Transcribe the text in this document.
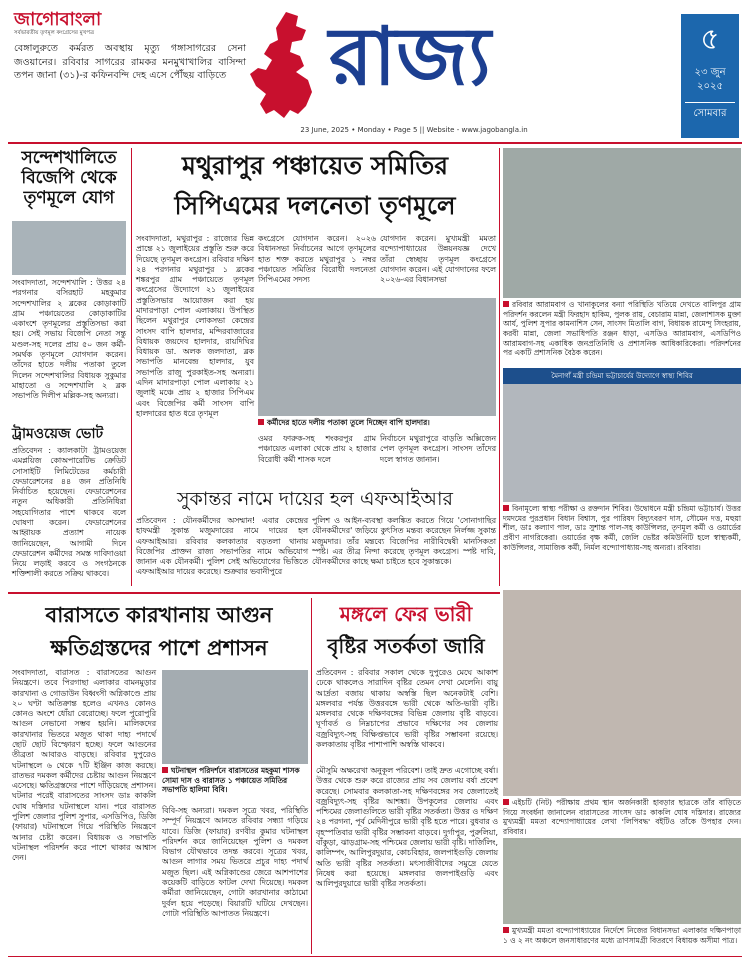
জাগোবাংলা
সর্বভারতীয় তৃণমূল কংগ্রেসের মুখপত্র
বেঙ্গালুরুতে কর্মরত অবস্থায় মৃত্যু গঙ্গাসাগরের সেনা জওয়ানের। রবিবার সাগরের রামকর মনমুখাখালির বাসিন্দা তপন জানা (৩১)-র কফিনবন্দি দেহ এসে পৌঁছয় বাড়িতে	রাজ্য
23 June, 2025 • Monday • Page 5 || Website - www.jagobangla.in
৫
২৩ জুন
২০২৫
সোমবার
সন্দেশখালিতে বিজেপি থেকে তৃণমূলে যোগ
সংবাদদাতা, সন্দেশখালি : উত্তর ২৪ পরগনার বসিরহাট মহকুমার সন্দেশখালির ২ ব্লকের কোড়াকাটি গ্রাম পঞ্চায়েতের কোড়াকাটির একাংশে তৃণমূলের প্রস্তুতিসভা করা হয়। সেই সভায় বিজেপি নেতা সন্তু মণ্ডল-সহ দলের প্রায় ৫০ জন কর্মী-সমর্থক তৃণমূলে যোগদান করেন। তাঁদের হাতে দলীয় পতাকা তুলে দিলেন সন্দেশখালির বিধায়ক সুকুমার মাহাতো ও সন্দেশখালি ২ ব্লক সভাপতি দিলীপ মল্লিক-সহ অন্যরা।
ট্রামওয়েজ ভোট
প্রতিবেদন : ক্যালকাটা ট্রামওয়েজ এমপ্লয়িজ কোঅপারেটিভ ক্রেডিট সোসাইটি লিমিটেডের কর্মচারী ফেডারেশনের ৪৪ জন প্রতিনিধি নির্বাচিত হয়েছেন। ফেডারেশনের নতুন অধিকারী প্রতিনিধিরা সহযোগিতার পাশে থাকবে বলে ঘোষণা করেন। ফেডারেশনের আহ্বায়ক প্রত্যাশ নায়েক জানিয়েছেন, আগামী দিনে ফেডারেশন কর্মীদের সমস্ত দাবিদাওয়া নিয়ে লড়াই করবে ও সংগঠনকে শক্তিশালী করতে সক্রিয় থাকবে।
মথুরাপুর পঞ্চায়েত সমিতির
সিপিএমের দলনেতা তৃণমূলে
সংবাদদাতা, মথুরাপুর : রাজ্যের ভিন্ন প্রান্তে ২১ জুলাইয়ের প্রস্তুতি শুরু করে দিয়েছে তৃণমূল কংগ্রেস। রবিবার দক্ষিণ ২৪ পরগনার মথুরাপুর ১ ব্লকের শঙ্করপুর গ্রাম পঞ্চায়েতে তৃণমূল কংগ্রেসের উদ্যোগে ২১ জুলাইয়ের প্রস্তুতিসভার আয়োজন করা হয় মাদারপাড়া পোল এলাকায়। উপস্থিত ছিলেন মথুরাপুর লোকসভা কেন্দ্রের সাংসদ বাপি হালদার, মন্দিরবাজারের বিধায়ক জয়দেব হালদার, রায়দিঘির বিধায়ক ডা. অলক জলদাতা, ব্লক সভাপতি মানবেন্দ্র হালদার, যুব সভাপতি রাজু পুরকাইত-সহ অন্যরা। এদিন মাদারপাড়া পোল এলাকায় ২১ জুলাই মঞ্চে প্রায় ২ হাজার সিপিএম এবং বিজেপির কর্মী সাংসদ বাপি হালদারের হাত ধরে তৃণমূল
কংগ্রেসে যোগদান করেন। ২০২৬ বিধানসভা নির্বাচনের আগে তৃণমূলের হাত শক্ত করতে মথুরাপুর ১ নম্বর পঞ্চায়েত সমিতির বিরোধী দলনেতা সিপিএমের সদস্য
যোগদান করেন। মুখ্যমন্ত্রী মমতা বন্দ্যোপাধ্যায়ের উন্নয়নযজ্ঞ দেখে তাঁরা স্বেচ্ছায় তৃণমূল কংগ্রেসে যোগদান করেন। এই যোগদানের ফলে ২০২৬-এর বিধানসভা
কর্মীদের হাতে দলীয় পতাকা তুলে দিচ্ছেন বাপি হালদার।
ওমর ফারুক-সহ শংকরপুর গ্রাম পঞ্চায়েত এলাকা থেকে প্রায় ২ হাজার বিরোধী কর্মী শাসক দলে
নির্বাচনে মথুরাপুরে বাড়তি অক্সিজেন পেল তৃণমূল কংগ্রেস। সাংসদ তাঁদের দলে স্বাগত জানান।
সুকান্তর নামে দায়ের হল এফআইআর
প্রতিবেদন : যৌনকর্মীদের অসম্মান! এবার কেন্দ্রের হাফমন্ত্রী সুকান্ত মজুমদারের নামে দায়ের হল এফআইআর। রবিবার কলকাতার বড়তলা থানায় বিজেপির প্রাক্তন রাজ্য সভাপতির নামে অভিযোগ জানান এক যৌনকর্মী। পুলিশ সেই অভিযোগের ভিত্তিতে এফআইআর দায়ের করেছে। শুক্রবার ভবানীপুরে
পুলিশ ও আইন-ব্যবস্থা কলঙ্কিত করতে গিয়ে 'সোনাগাছির যৌনকর্মীদের' জড়িয়ে কুৎসিত মন্তব্য করেছেন নির্লজ্জ সুকান্ত মজুমদার। তাঁর মন্তব্যে বিজেপির নারীবিদ্বেষী মানসিকতা স্পষ্ট। এর তীব্র নিন্দা করেছে তৃণমূল কংগ্রেস। স্পষ্ট দাবি, যৌনকর্মীদের কাছে ক্ষমা চাইতে হবে সুকান্তকে।
বারাসতে কারখানায় আগুন
ক্ষতিগ্রস্তদের পাশে প্রশাসন
সংবাদদাতা, বারাসত : বারাসতের আগুন নিয়ন্ত্রণে। তবে পিরগাছা এলাকার বামনমুড়ার কারখানা ও গোডাউন বিধ্বংসী অগ্নিকাণ্ডে প্রায় ২০ ঘণ্টা অতিক্রান্ত হলেও এখনও কোনও কোনও অংশে ধোঁয়া বেরোচ্ছে। ফলে পুরোপুরি আগুন নেভানো সম্ভব হয়নি। মালিকদের কারখানার ভিতরে মজুত থাকা দাহ্য পদার্থে ছোট ছোট বিস্ফোরণ হচ্ছে। ফলে আগুনের তীব্রতা আবারও বাড়ছে। রবিবার দুপুরেও ঘটনাস্থলে ৬ থেকে ৭টি ইঞ্জিন কাজ করছে। রাতভর দমকল কর্মীদের চেষ্টায় আগুন নিয়ন্ত্রণে এসেছে। ক্ষতিগ্রস্তদের পাশে দাঁড়িয়েছে প্রশাসন। ঘটনার পরেই বারাসতের সাংসদ ডাঃ কাকলি ঘোষ দস্তিদার ঘটনাস্থলে যান। পরে বারাসত পুলিশ জেলার পুলিশ সুপার, এসডিপিও, ডিজি (ফায়ার) ঘটনাস্থলে গিয়ে পরিস্থিতি নিয়ন্ত্রণে আনার চেষ্টা করেন। বিধায়ক ও সভাপতি ঘটনাস্থল পরিদর্শন করে পাশে থাকার আশ্বাস দেন।
ঘটনাস্থল পরিদর্শনে বারাসতের মহকুমা শাসক সোমা দাস ও বারাসত ১ পঞ্চায়েত সমিতির সভাপতি হালিমা বিবি।
বিবি-সহ অন্যরা। দমকল সূত্রে খবর, পরিস্থিতি সম্পূর্ণ নিয়ন্ত্রণে আনতে রবিবার সন্ধ্যা গড়িয়ে যাবে। ডিজি (ফায়ার) রণবীর কুমার ঘটনাস্থল পরিদর্শন করে জানিয়েছেন পুলিশ ও দমকল বিভাগ যৌথভাবে তদন্ত করবে। সূত্রের খবর, আগুন লাগার সময় ভিতরে প্রচুর দাহ্য পদার্থ মজুত ছিল। এই অগ্নিকাণ্ডের জেরে আশপাশের কয়েকটি বাড়িতে ফাটল দেখা দিয়েছে। দমকল কর্মীরা জানিয়েছেন, গোটা কারখানার কাঠামো দুর্বল হয়ে পড়েছে। বিয়ারটি ঘটিয়ে দেখছেন। গোটা পরিস্থিতি আপাতত নিয়ন্ত্রণে।
মঙ্গলে ফের ভারী
বৃষ্টির সতর্কতা জারি
প্রতিবেদন : রবিবার সকাল থেকে দুপুরেও মেঘে আকাশ ঢেকে থাকলেও সারাদিন বৃষ্টির তেমন দেখা মেলেনি। বায়ু আর্দ্রতা বজায় থাকায় অস্বস্তি ছিল অনেকটাই বেশি। মঙ্গলবার পর্যন্ত উত্তরবঙ্গে ভারী থেকে অতি-ভারী বৃষ্টি। মঙ্গলবার থেকে দক্ষিণবঙ্গের বিভিন্ন জেলায় বৃষ্টি বাড়বে। ঘূর্ণাবর্ত ও নিম্নচাপের প্রভাবে দক্ষিণের সব জেলায় বজ্রবিদ্যুৎ-সহ বিক্ষিপ্তভাবে ভারী বৃষ্টির সম্ভাবনা রয়েছে। কলকাতায় বৃষ্টির পাশাপাশি অস্বস্তি থাকবে।
মৌসুমি অক্ষরেখা অনুকূল পরিবেশ। তাই দ্রুত এগোচ্ছে বর্ষা। উত্তর থেকে শুরু করে রাজ্যের প্রায় সব জেলায় বর্ষা প্রবেশ করেছে। সোমবার কলকাতা-সহ দক্ষিণবঙ্গের সব জেলাতেই বজ্রবিদ্যুৎ-সহ বৃষ্টির আশঙ্কা। উপকূলের জেলায় এবং পশ্চিমের জেলাগুলিতে ভারী বৃষ্টির সতর্কতা। উত্তর ও দক্ষিণ ২৪ পরগনা, পূর্ব মেদিনীপুরে ভারী বৃষ্টি হতে পারে। বুধবার ও বৃহস্পতিবার ভারী বৃষ্টির সম্ভাবনা বাড়বে। দুর্গাপুর, পুরুলিয়া, বাঁকুড়া, ঝাড়গ্রাম-সহ পশ্চিমের জেলায় ভারী বৃষ্টি। দার্জিলিং, কালিম্পং, আলিপুরদুয়ার, কোচবিহার, জলপাইগুড়ি জেলায় অতি ভারী বৃষ্টির সতর্কতা। মৎস্যজীবীদের সমুদ্রে যেতে নিষেধ করা হয়েছে। মঙ্গলবার জলপাইগুড়ি এবং আলিপুরদুয়ারে ভারী বৃষ্টির সতর্কতা।
রবিবার আরামবাগ ও খানাকুলের বন্যা পরিস্থিতি খতিয়ে দেখতে বালিপুর গ্রাম পরিদর্শন করলেন মন্ত্রী ফিরহাদ হাকিম, পুলক রায়, বেচারাম মান্না, জেলাশাসক মুক্তা আর্য, পুলিশ সুপার কামনাশিস সেন, সাংসদ মিতালি বাগ, বিধায়ক রামেন্দু সিংহরায়, করবী মান্না, জেলা সভাধিপতি রঞ্জন ধাড়া, এসডিও আরামবাগ, এসডিপিও আরামবাগ-সহ একাধিক জনপ্রতিনিধি ও প্রশাসনিক আধিকারিকেরা। পরিদর্শনের পর একটি প্রশাসনিক বৈঠক করেন।
মৈনাগাঁ মন্ত্রী চন্দ্রিমা ভট্টাচার্যের উদ্যোগে স্বাস্থ্য শিবির
বিনামূল্যে স্বাস্থ্য পরীক্ষা ও রক্তদান শিবির। উদ্বোধনে মন্ত্রী চন্দ্রিমা ভট্টাচার্য। উত্তর দমদমের পুরপ্রধান বিধান বিশ্বাস, পুর পারিষদ বিদ্যুৎবরণ দাস, সৌমেন দত্ত, মহুয়া শীল, ডাঃ কল্যাণ পাল, ডাঃ সুশান্ত পাল-সহ কাউন্সিলর, তৃণমূল কর্মী ও ওয়ার্ডের প্রবীণ নাগরিকেরা। ওয়ার্ডের বৃক্ষ কর্মী, জেলি ভেষ্টর কমিউনিটি হলে স্বাস্থ্যকর্মী, কাউন্সিলর, সামাজিক কর্মী, নির্মল বন্দ্যোপাধ্যায়-সহ অন্যরা। রবিবার।
এইচটি (নিট) পরীক্ষায় প্রথম স্থান অর্জনকারী হাবড়ার ছাত্রকে তাঁর বাড়িতে গিয়ে সংবর্ধনা জানালেন বারাসতের সাংসদ ডাঃ কাকলি ঘোষ দস্তিদার। রাজ্যের মুখ্যমন্ত্রী মমতা বন্দ্যোপাধ্যায়ের লেখা 'লিপিবদ্ধ' বইটিও তাঁকে উপহার দেন। রবিবার।
মুখ্যমন্ত্রী মমতা বন্দ্যোপাধ্যায়ের নির্দেশে নিজের বিধানসভা এলাকার দক্ষিণপাড়া ১ ও ২ নং অঞ্চলে জনসাধারণের মধ্যে ত্রাণসামগ্রী বিতরণে বিধায়ক অসীমা পাত্র।
